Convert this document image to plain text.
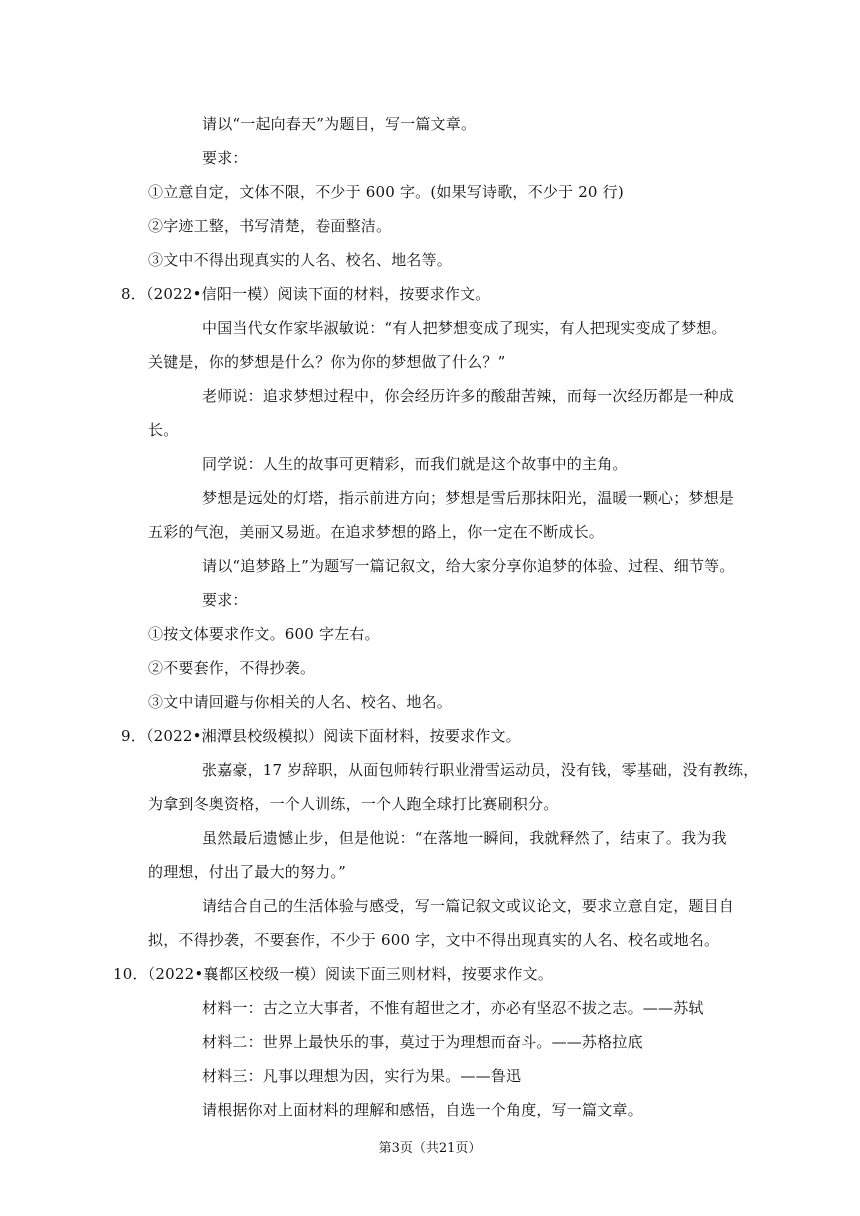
请以“一起向春天”为题目，写一篇文章。
要求：
①立意自定，文体不限，不少于 600 字。(如果写诗歌，不少于 20 行)
②字迹工整，书写清楚，卷面整洁。
③文中不得出现真实的人名、校名、地名等。
8．（2022•信阳一模）阅读下面的材料，按要求作文。
中国当代女作家毕淑敏说：“有人把梦想变成了现实，有人把现实变成了梦想。
关键是，你的梦想是什么？你为你的梦想做了什么？”
老师说：追求梦想过程中，你会经历许多的酸甜苦辣，而每一次经历都是一种成
长。
同学说：人生的故事可更精彩，而我们就是这个故事中的主角。
梦想是远处的灯塔，指示前进方向；梦想是雪后那抹阳光，温暖一颗心；梦想是
五彩的气泡，美丽又易逝。在追求梦想的路上，你一定在不断成长。
请以“追梦路上”为题写一篇记叙文，给大家分享你追梦的体验、过程、细节等。
要求：
①按文体要求作文。600 字左右。
②不要套作，不得抄袭。
③文中请回避与你相关的人名、校名、地名。
9．（2022•湘潭县校级模拟）阅读下面材料，按要求作文。
张嘉豪，17 岁辞职，从面包师转行职业滑雪运动员，没有钱，零基础，没有教练，
为拿到冬奥资格，一个人训练，一个人跑全球打比赛刷积分。
虽然最后遗憾止步，但是他说：“在落地一瞬间，我就释然了，结束了。我为我
的理想，付出了最大的努力。”
请结合自己的生活体验与感受，写一篇记叙文或议论文，要求立意自定，题目自
拟，不得抄袭，不要套作，不少于 600 字，文中不得出现真实的人名、校名或地名。
10．（2022•襄都区校级一模）阅读下面三则材料，按要求作文。
材料一：古之立大事者，不惟有超世之才，亦必有坚忍不拔之志。——苏轼
材料二：世界上最快乐的事，莫过于为理想而奋斗。——苏格拉底
材料三：凡事以理想为因，实行为果。——鲁迅
请根据你对上面材料的理解和感悟，自选一个角度，写一篇文章。
第3页（共21页）
